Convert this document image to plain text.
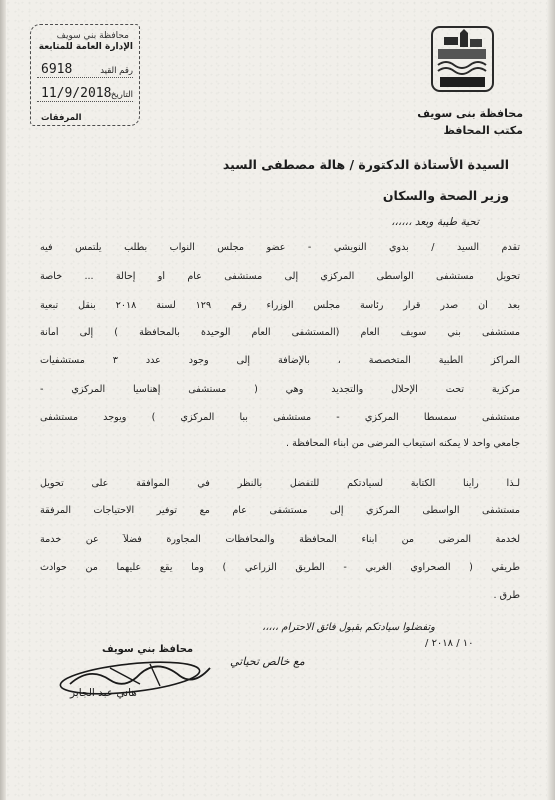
محافظة بني سويف
الإدارة العامة للمتابعة
رقم القيد
6918
التاريخ
11/9/2018
المرفقات	محافظة بنى سويف
مكتب المحافظ
السيدة الأستاذة الدكتورة / هالة مصطفى السيد
وزير الصحة والسكان
تحية طيبة وبعد ،،،،،،
تقدم السيد / بدوي النويشي - عضو مجلس النواب بطلب يلتمس فيه
تحويل مستشفى الواسطى المركزي إلى مستشفى عام أو إحالة ... خاصة
بعد أن صدر قرار رئاسة مجلس الوزراء رقم ١٢٩ لسنة ٢٠١٨ بنقل تبعية
مستشفى بني سويف العام (المستشفى العام الوحيدة بالمحافظة ) إلى أمانة
المراكز الطبية المتخصصة ، بالإضافة إلى وجود عدد ٣ مستشفيات
مركزية تحت الإحلال والتجديد وهي ( مستشفى إهناسيا المركزي -
مستشفى سمسطا المركزي - مستشفى ببا المركزي ) ويوجد مستشفى
جامعي واحد لا يمكنه استيعاب المرضى من أبناء المحافظة .
لـذا رأينا الكتابة لسيادتكم للتفضل بالنظر في الموافقة على تحويل
مستشفى الواسطى المركزي إلى مستشفى عام مع توفير الاحتياجات المرفقة
لخدمة المرضى من أبناء المحافظة والمحافظات المجاورة فضلاً عن خدمة
طريقي ( الصحراوي الغربي - الطريق الزراعي ) وما يقع عليهما من حوادث
طرق .
وتفضلوا سيادتكم بقبول فائق الاحترام ،،،،،
/ ١٠ / ٢٠١٨
مع خالص تحياتي
محافظ بني سويف
هاني عبد الجابر
